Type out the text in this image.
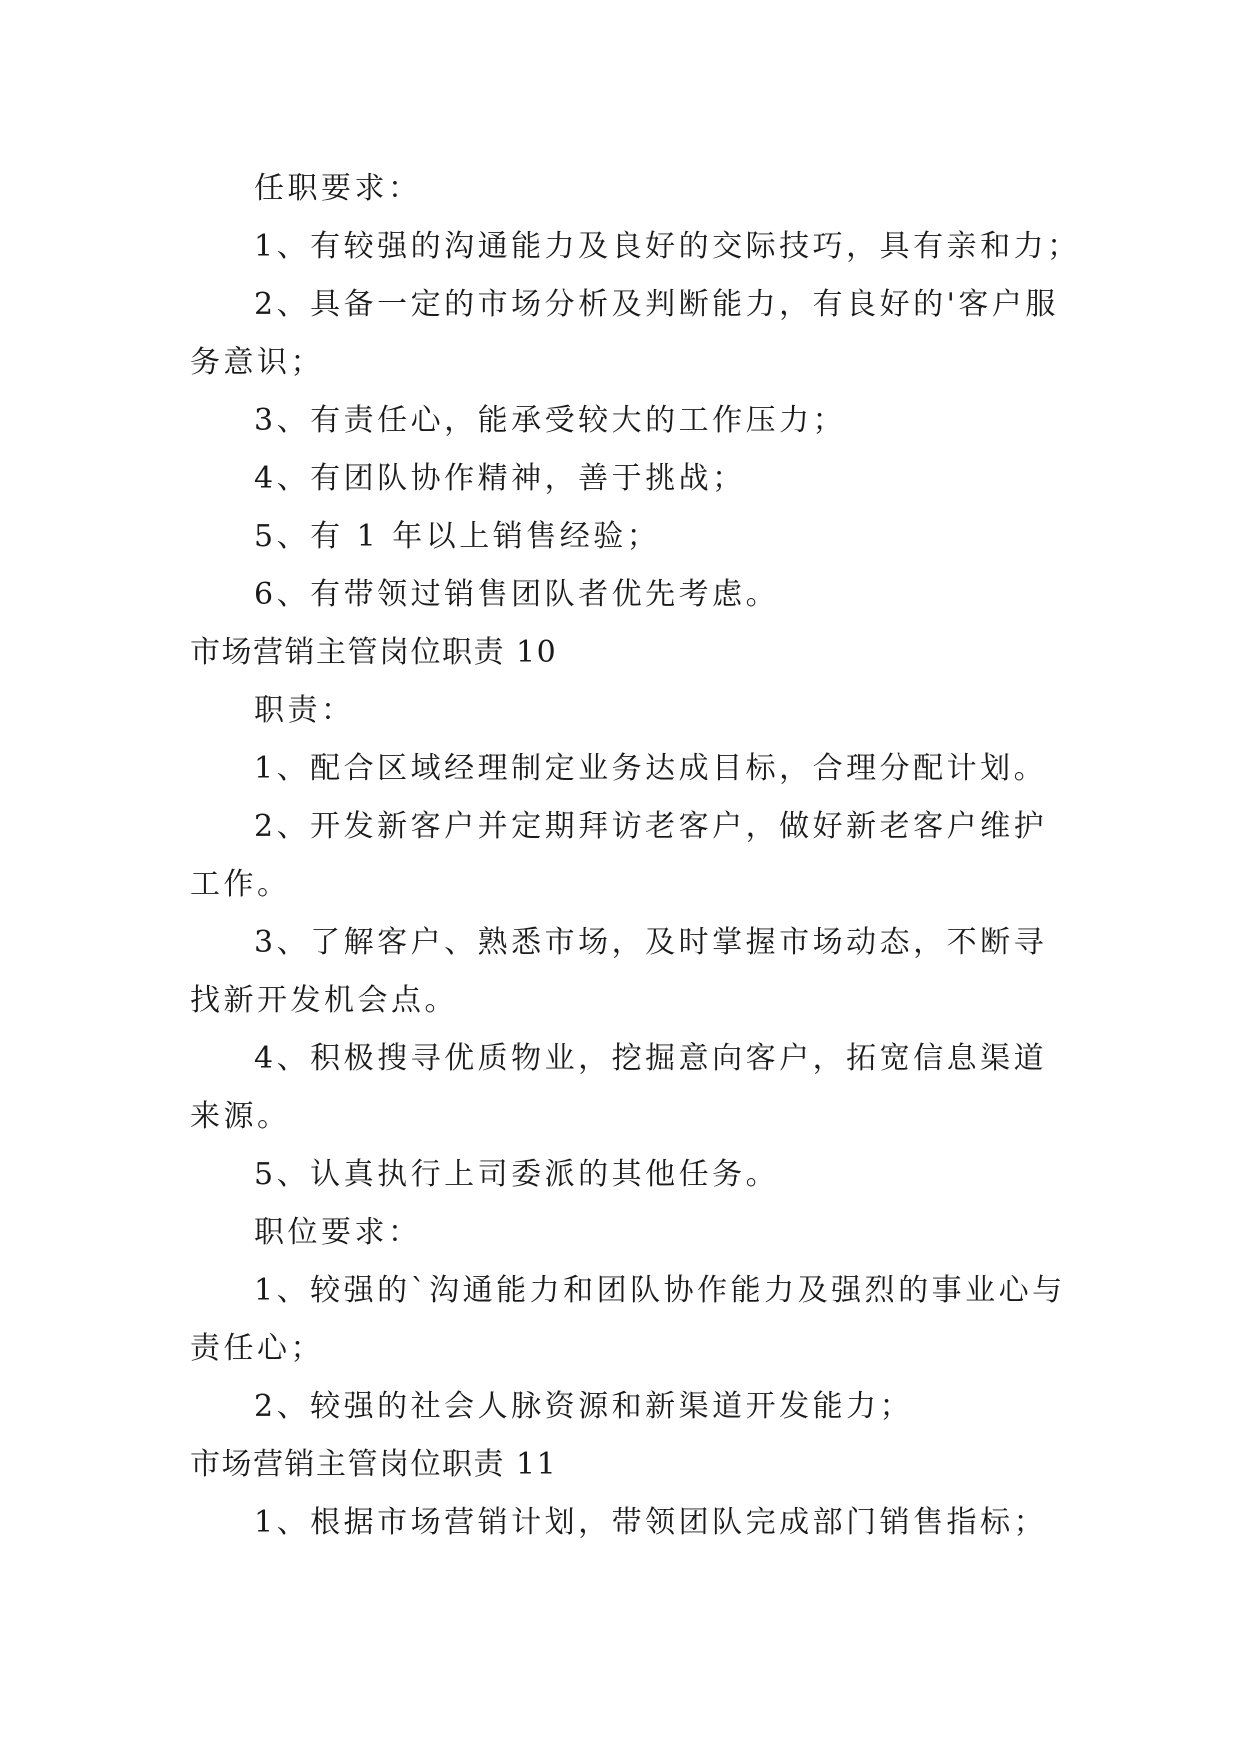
任职要求：
1、有较强的沟通能力及良好的交际技巧，具有亲和力；
2、具备一定的市场分析及判断能力，有良好的'客户服
务意识；
3、有责任心，能承受较大的工作压力；
4、有团队协作精神，善于挑战；
5、有 1 年以上销售经验；
6、有带领过销售团队者优先考虑。
市场营销主管岗位职责 10
职责：
1、配合区域经理制定业务达成目标，合理分配计划。
2、开发新客户并定期拜访老客户，做好新老客户维护
工作。
3、了解客户、熟悉市场，及时掌握市场动态，不断寻
找新开发机会点。
4、积极搜寻优质物业，挖掘意向客户，拓宽信息渠道
来源。
5、认真执行上司委派的其他任务。
职位要求：
1、较强的`沟通能力和团队协作能力及强烈的事业心与
责任心；
2、较强的社会人脉资源和新渠道开发能力；
市场营销主管岗位职责 11
1、根据市场营销计划，带领团队完成部门销售指标；
